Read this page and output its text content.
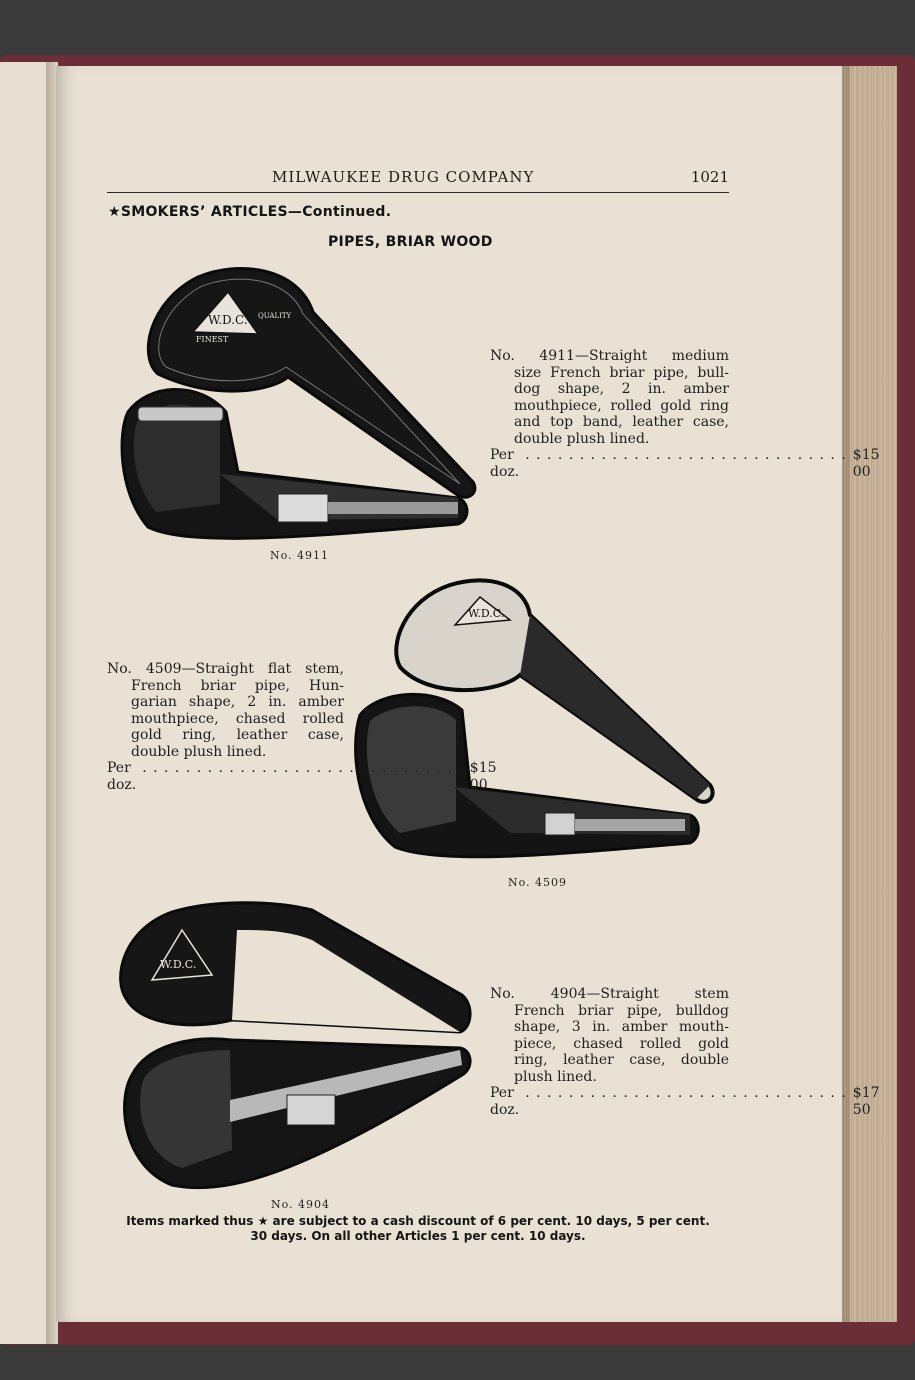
MILWAUKEE DRUG COMPANY	1021
★SMOKERS’ ARTICLES—Continued.
PIPES, BRIAR WOOD
W.D.C.
FINEST
QUALITY
No. 4911
No. 4911—Straight medium
size French briar pipe, bull-dog shape, 2 in. amber mouthpiece, rolled gold ring and top band, leather case, double plush lined.
Per doz.
. . . . . . . . . . . . . . . . . . . . . . . . . . . . . . $15 00
W.D.C.
No. 4509
No. 4509—Straight flat stem,
French briar pipe, Hun-garian shape, 2 in. amber mouthpiece, chased rolled gold ring, leather case, double plush lined.
Per doz.
. . . . . . . . . . . . . . . . . . . . . . . . . . . . . . $15 00
W.D.C.
No. 4904
No. 4904—Straight stem
French briar pipe, bulldog shape, 3 in. amber mouth-piece, chased rolled gold ring, leather case, double plush lined.
Per doz.
. . . . . . . . . . . . . . . . . . . . . . . . . . . . . . $17 50
Items marked thus ★ are subject to a cash discount of 6 per cent. 10 days, 5 per cent.
30 days. On all other Articles 1 per cent. 10 days.
